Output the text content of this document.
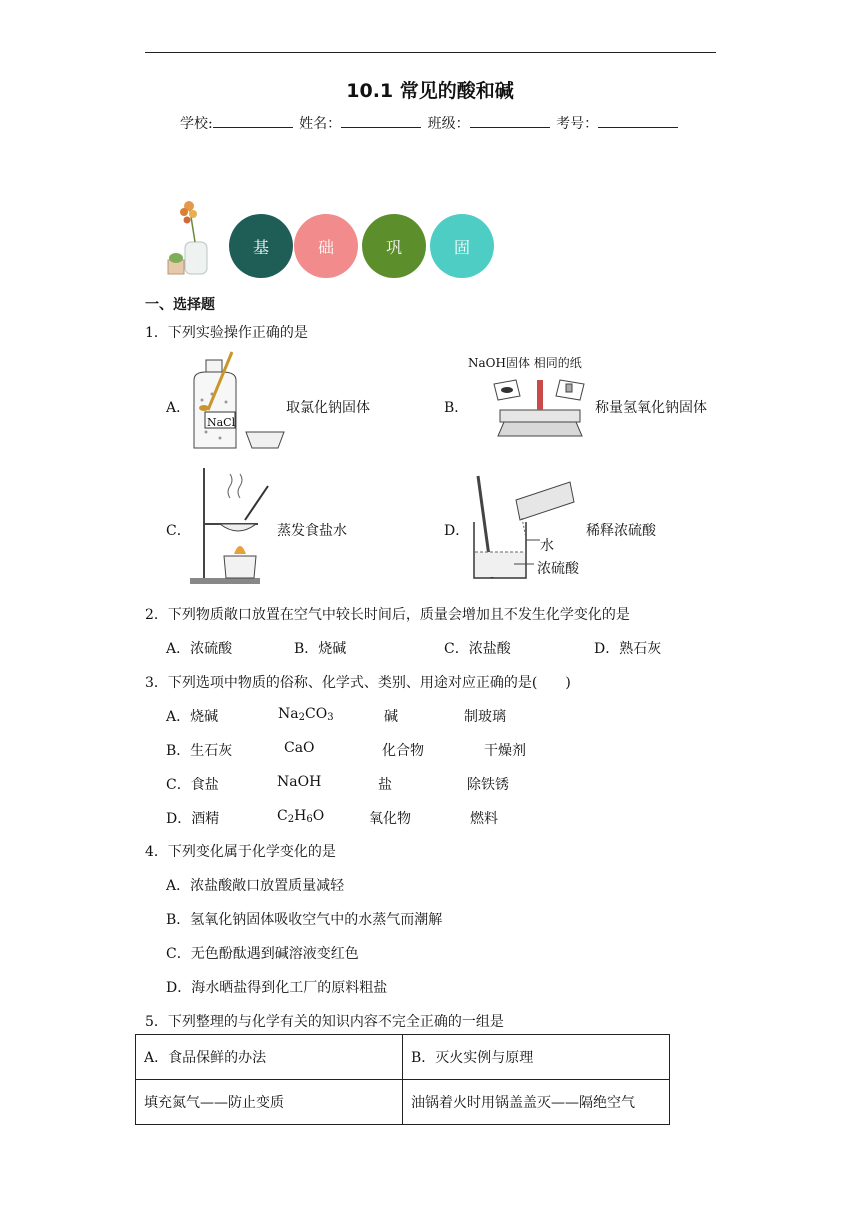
10.1 常见的酸和碱
学校:	姓名：	班级：	考号：
基	础	巩	固
一、选择题
1．下列实验操作正确的是
A．
NaCl
取氯化钠固体	B．
NaOH固体 相同的纸
称量氢氧化钠固体
C．	蒸发食盐水	D．
水
浓硫酸
稀释浓硫酸
2．下列物质敞口放置在空气中较长时间后，质量会增加且不发生化学变化的是
A．浓硫酸	B．烧碱	C．浓盐酸	D．熟石灰
3．下列选项中物质的俗称、化学式、类别、用途对应正确的是(　　)
A．烧碱	$Na_2CO_3$	碱	制玻璃
B．生石灰	CaO	化合物	干燥剂
C．食盐	NaOH	盐	除铁锈
D．酒精	$C_2H_6O$	氧化物	燃料
4．下列变化属于化学变化的是
A．浓盐酸敞口放置质量减轻
B．氢氧化钠固体吸收空气中的水蒸气而潮解
C．无色酚酞遇到碱溶液变红色
D．海水晒盐得到化工厂的原料粗盐
5．下列整理的与化学有关的知识内容不完全正确的一组是
A．食品保鲜的办法	B．灭火实例与原理
填充氮气——防止变质	油锅着火时用锅盖盖灭——隔绝空气
